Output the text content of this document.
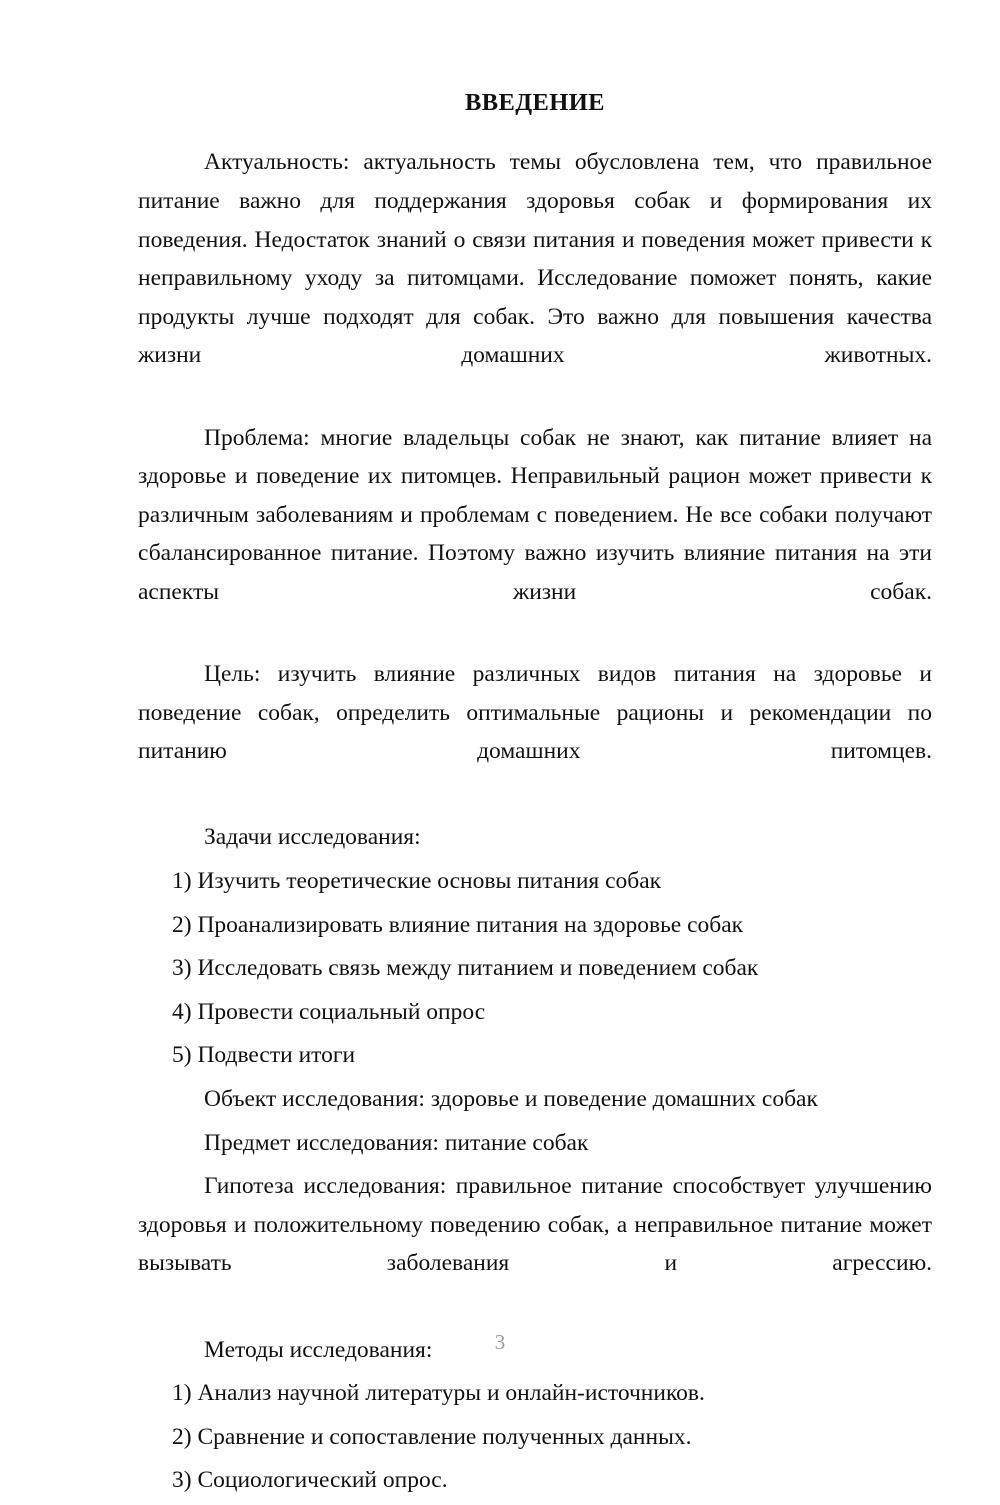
ВВЕДЕНИЕ

Актуальность: актуальность темы обусловлена тем, что правильное питание важно для поддержания здоровья собак и формирования их поведения. Недостаток знаний о связи питания и поведения может привести к неправильному уходу за питомцами. Исследование поможет понять, какие продукты лучше подходят для собак. Это важно для повышения качества жизни домашних животных.

Проблема: многие владельцы собак не знают, как питание влияет на здоровье и поведение их питомцев. Неправильный рацион может привести к различным заболеваниям и проблемам с поведением. Не все собаки получают сбалансированное питание. Поэтому важно изучить влияние питания на эти аспекты жизни собак.

Цель: изучить влияние различных видов питания на здоровье и поведение собак, определить оптимальные рационы и рекомендации по питанию домашних питомцев.

Задачи исследования:

1) Изучить теоретические основы питания собак
2) Проанализировать влияние питания на здоровье собак
3) Исследовать связь между питанием и поведением собак
4) Провести социальный опрос
5) Подвести итоги

Объект исследования: здоровье и поведение домашних собак

Предмет исследования: питание собак

Гипотеза исследования: правильное питание способствует улучшению здоровья и положительному поведению собак, а неправильное питание может вызывать заболевания и агрессию.

Методы исследования:

1) Анализ научной литературы и онлайн-источников.
2) Сравнение и сопоставление полученных данных.
3) Социологический опрос.
3
